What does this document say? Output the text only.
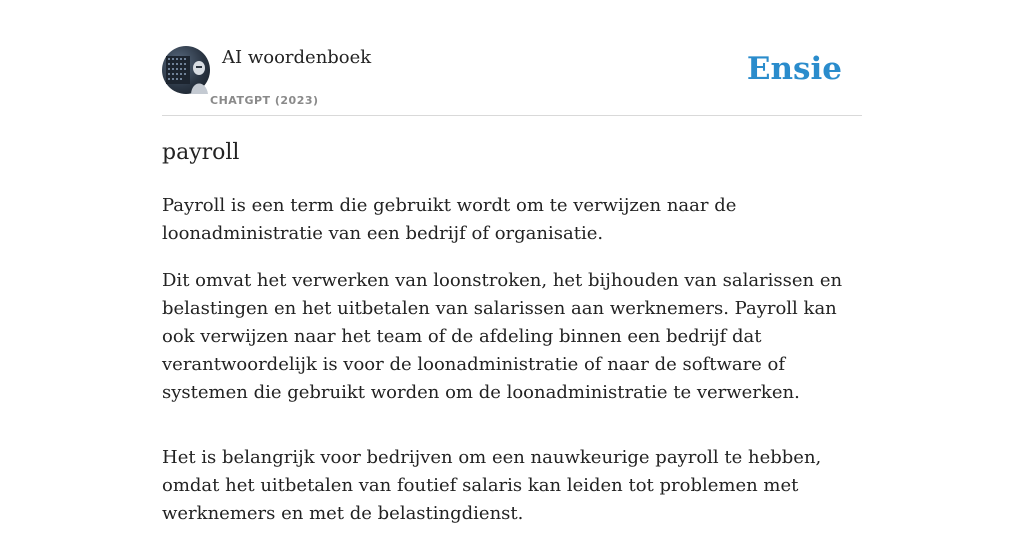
AI woordenboek
CHATGPT (2023)
Ensie
payroll

Payroll is een term die gebruikt wordt om te verwijzen naar de loonadministratie van een bedrijf of organisatie.

Dit omvat het verwerken van loonstroken, het bijhouden van salarissen en belastingen en het uitbetalen van salarissen aan werknemers. Payroll kan ook verwijzen naar het team of de afdeling binnen een bedrijf dat verantwoordelijk is voor de loonadministratie of naar de software of systemen die gebruikt worden om de loonadministratie te verwerken.

Het is belangrijk voor bedrijven om een nauwkeurige payroll te hebben, omdat het uitbetalen van foutief salaris kan leiden tot problemen met werknemers en met de belastingdienst.
